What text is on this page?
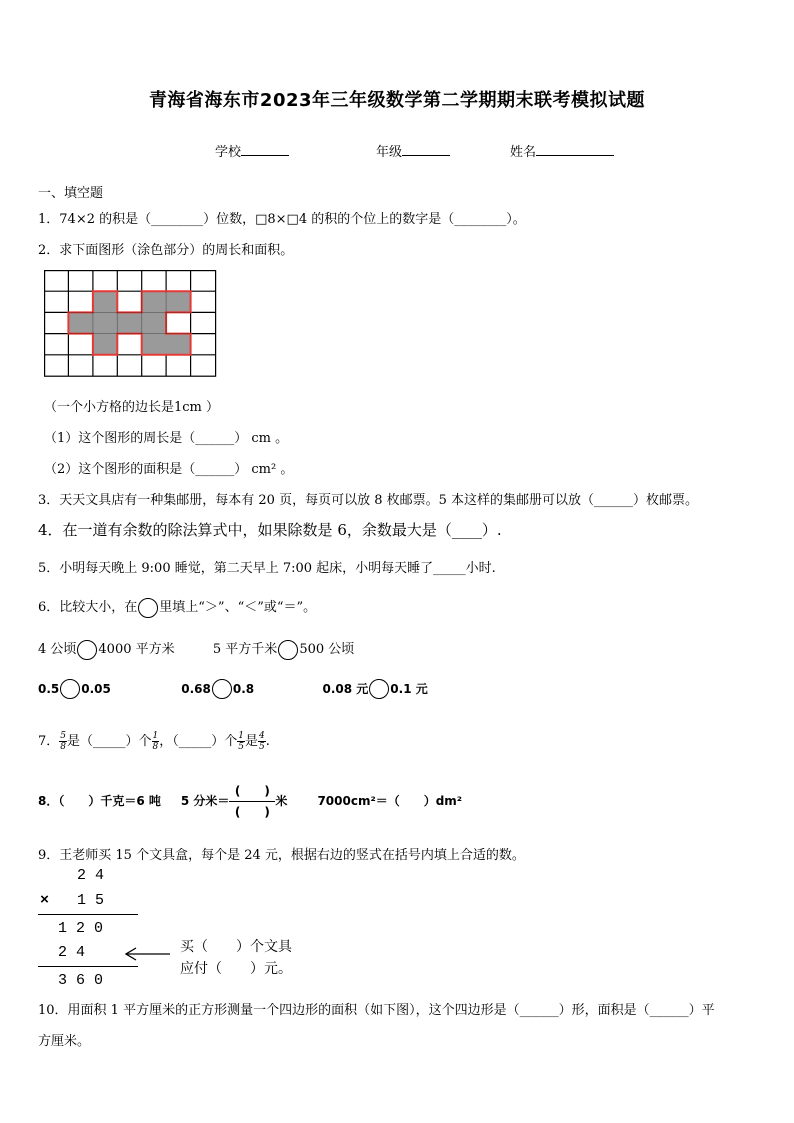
青海省海东市2023年三年级数学第二学期期末联考模拟试题
学校	年级	姓名
一、填空题
1．74×2 的积是（________）位数，□8×□4 的积的个位上的数字是（________）。
2．求下面图形（涂色部分）的周长和面积。
（一个小方格的边长是1cm ）
（1）这个图形的周长是（______） cm 。
（2）这个图形的面积是（______） cm² 。
3．天天文具店有一种集邮册，每本有 20 页，每页可以放 8 枚邮票。5 本这样的集邮册可以放（______）枚邮票。
4．在一道有余数的除法算式中，如果除数是 6，余数最大是（____）.
5．小明每天晚上 9:00 睡觉，第二天早上 7:00 起床，小明每天睡了_____小时.
6．比较大小，在 里填上“＞”、“＜”或“＝”。
4 公顷 4000 平方米	5 平方千米 500 公顷
0.5 0.05	0.68 0.8	0.08 元 0.1 元
7． $\frac{5}{8}$是（_____）个 $\frac{1}{8}$，（_____）个 $\frac{1}{5}$是 $\frac{4}{5}$.
8．（　　）千克＝6 吨 5 分米＝
(　　)
(　　)
米	7000cm²＝（　　）dm²
9．王老师买 15 个文具盒，每个是 24 元，根据右边的竖式在括号内填上合适的数。
2 4
× 1 5
1 2 0
2 4
3 6 0
买（　　）个文具
应付（　　）元。
10．用面积 1 平方厘米的正方形测量一个四边形的面积（如下图），这个四边形是（______）形，面积是（______）平
方厘米。
